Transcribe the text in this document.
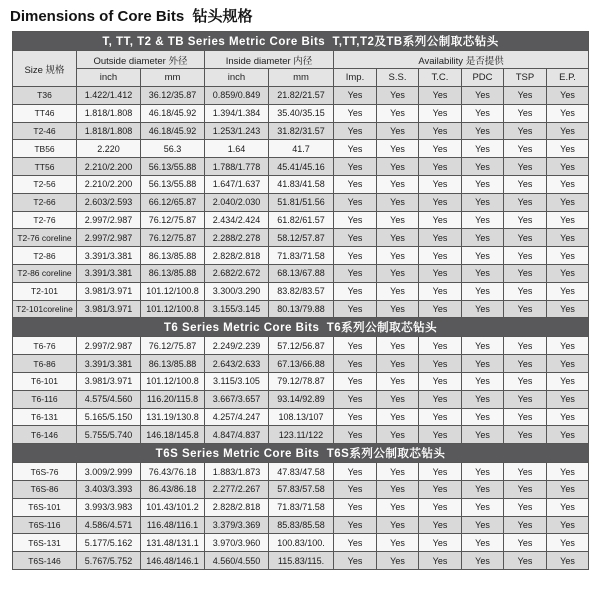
Dimensions of Core Bits  钻头规格
T, TT, T2 & TB Series Metric Core Bits  T,TT,T2及TB系列公制取芯钻头										
Size 规格	Outside diameter 外径		Inside diameter 内径		Availability 是否提供					
	inch	mm	inch	mm	Imp.	S.S.	T.C.	PDC	TSP	E.P.
T36	1.422/1.412	36.12/35.87	0.859/0.849	21.82/21.57	Yes	Yes	Yes	Yes	Yes	Yes
TT46	1.818/1.808	46.18/45.92	1.394/1.384	35.40/35.15	Yes	Yes	Yes	Yes	Yes	Yes
T2-46	1.818/1.808	46.18/45.92	1.253/1.243	31.82/31.57	Yes	Yes	Yes	Yes	Yes	Yes
TB56	2.220	56.3	1.64	41.7	Yes	Yes	Yes	Yes	Yes	Yes
TT56	2.210/2.200	56.13/55.88	1.788/1.778	45.41/45.16	Yes	Yes	Yes	Yes	Yes	Yes
T2-56	2.210/2.200	56.13/55.88	1.647/1.637	41.83/41.58	Yes	Yes	Yes	Yes	Yes	Yes
T2-66	2.603/2.593	66.12/65.87	2.040/2.030	51.81/51.56	Yes	Yes	Yes	Yes	Yes	Yes
T2-76	2.997/2.987	76.12/75.87	2.434/2.424	61.82/61.57	Yes	Yes	Yes	Yes	Yes	Yes
T2-76 coreline	2.997/2.987	76.12/75.87	2.288/2.278	58.12/57.87	Yes	Yes	Yes	Yes	Yes	Yes
T2-86	3.391/3.381	86.13/85.88	2.828/2.818	71.83/71.58	Yes	Yes	Yes	Yes	Yes	Yes
T2-86 coreline	3.391/3.381	86.13/85.88	2.682/2.672	68.13/67.88	Yes	Yes	Yes	Yes	Yes	Yes
T2-101	3.981/3.971	101.12/100.8	3.300/3.290	83.82/83.57	Yes	Yes	Yes	Yes	Yes	Yes
T2-101coreline	3.981/3.971	101.12/100.8	3.155/3.145	80.13/79.88	Yes	Yes	Yes	Yes	Yes	Yes
T6 Series Metric Core Bits  T6系列公制取芯钻头										
T6-76	2.997/2.987	76.12/75.87	2.249/2.239	57.12/56.87	Yes	Yes	Yes	Yes	Yes	Yes
T6-86	3.391/3.381	86.13/85.88	2.643/2.633	67.13/66.88	Yes	Yes	Yes	Yes	Yes	Yes
T6-101	3.981/3.971	101.12/100.8	3.115/3.105	79.12/78.87	Yes	Yes	Yes	Yes	Yes	Yes
T6-116	4.575/4.560	116.20/115.8	3.667/3.657	93.14/92.89	Yes	Yes	Yes	Yes	Yes	Yes
T6-131	5.165/5.150	131.19/130.8	4.257/4.247	108.13/107	Yes	Yes	Yes	Yes	Yes	Yes
T6-146	5.755/5.740	146.18/145.8	4.847/4.837	123.11/122	Yes	Yes	Yes	Yes	Yes	Yes
T6S Series Metric Core Bits  T6S系列公制取芯钻头										
T6S-76	3.009/2.999	76.43/76.18	1.883/1.873	47.83/47.58	Yes	Yes	Yes	Yes	Yes	Yes
T6S-86	3.403/3.393	86.43/86.18	2.277/2.267	57.83/57.58	Yes	Yes	Yes	Yes	Yes	Yes
T6S-101	3.993/3.983	101.43/101.2	2.828/2.818	71.83/71.58	Yes	Yes	Yes	Yes	Yes	Yes
T6S-116	4.586/4.571	116.48/116.1	3.379/3.369	85.83/85.58	Yes	Yes	Yes	Yes	Yes	Yes
T6S-131	5.177/5.162	131.48/131.1	3.970/3.960	100.83/100.	Yes	Yes	Yes	Yes	Yes	Yes
T6S-146	5.767/5.752	146.48/146.1	4.560/4.550	115.83/115.	Yes	Yes	Yes	Yes	Yes	Yes
